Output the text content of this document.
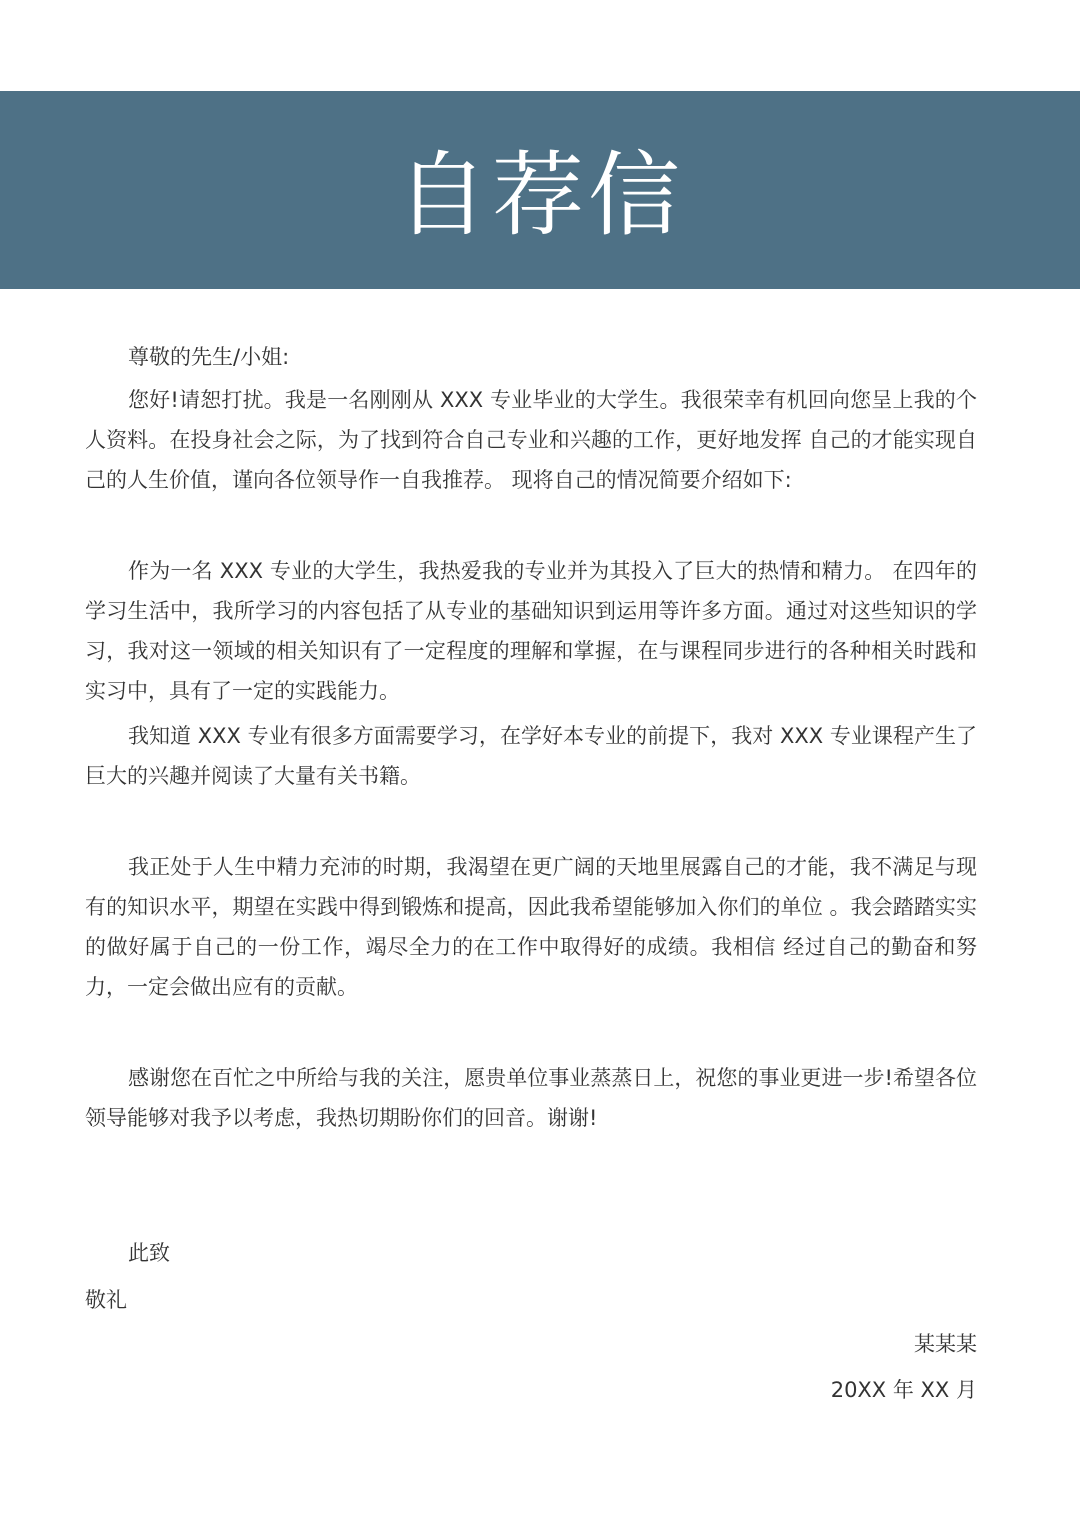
自荐信

尊敬的先生/小姐:

您好!请恕打扰。我是一名刚刚从 XXX 专业毕业的大学生。我很荣幸有机回向您呈上我的个人资料。在投身社会之际，为了找到符合自己专业和兴趣的工作，更好地发挥 自己的才能实现自己的人生价值，谨向各位领导作一自我推荐。 现将自己的情况简要介绍如下:

作为一名 XXX 专业的大学生，我热爱我的专业并为其投入了巨大的热情和精力。 在四年的学习生活中，我所学习的内容包括了从专业的基础知识到运用等许多方面。通过对这些知识的学习，我对这一领域的相关知识有了一定程度的理解和掌握，在与课程同步进行的各种相关时践和实习中，具有了一定的实践能力。

我知道 XXX 专业有很多方面需要学习，在学好本专业的前提下，我对 XXX 专业课程产生了巨大的兴趣并阅读了大量有关书籍。

我正处于人生中精力充沛的时期，我渴望在更广阔的天地里展露自己的才能，我不满足与现有的知识水平，期望在实践中得到锻炼和提高，因此我希望能够加入你们的单位 。我会踏踏实实的做好属于自己的一份工作，竭尽全力的在工作中取得好的成绩。我相信 经过自己的勤奋和努力，一定会做出应有的贡献。

感谢您在百忙之中所给与我的关注，愿贵单位事业蒸蒸日上，祝您的事业更进一步!希望各位领导能够对我予以考虑，我热切期盼你们的回音。谢谢!

此致

敬礼

某某某
20XX 年 XX 月
